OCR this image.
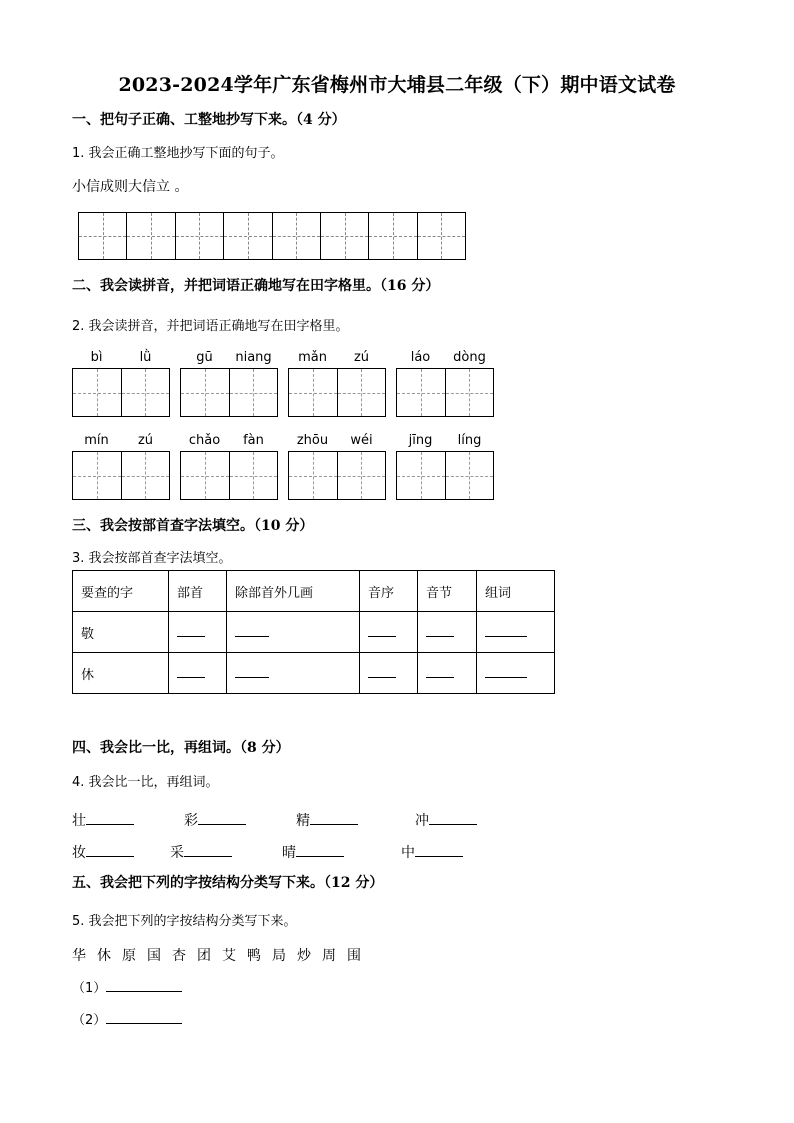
2023-2024学年广东省梅州市大埔县二年级（下）期中语文试卷
一、把句子正确、工整地抄写下来。（4 分）
1. 我会正确工整地抄写下面的句子。
小信成则大信立 。
二、我会读拼音，并把词语正确地写在田字格里。（16 分）
2. 我会读拼音，并把词语正确地写在田字格里。
bì	lǜ	gū	niang	mǎn	zú	láo	dòng
mín	zú	chǎo	fàn	zhōu	wéi	jīng	líng
三、我会按部首查字法填空。（10 分）
3. 我会按部首查字法填空。
要查的字	部首	除部首外几画	音序	音节	组词
敬					
休					
四、我会比一比，再组词。（8 分）
4. 我会比一比，再组词。
壮	彩	精	冲
妆	采	晴	中
五、我会把下列的字按结构分类写下来。（12 分）
5. 我会把下列的字按结构分类写下来。
华 休 原 国 杏 团 艾 鸭 局 炒 周 围
（1）
（2）
